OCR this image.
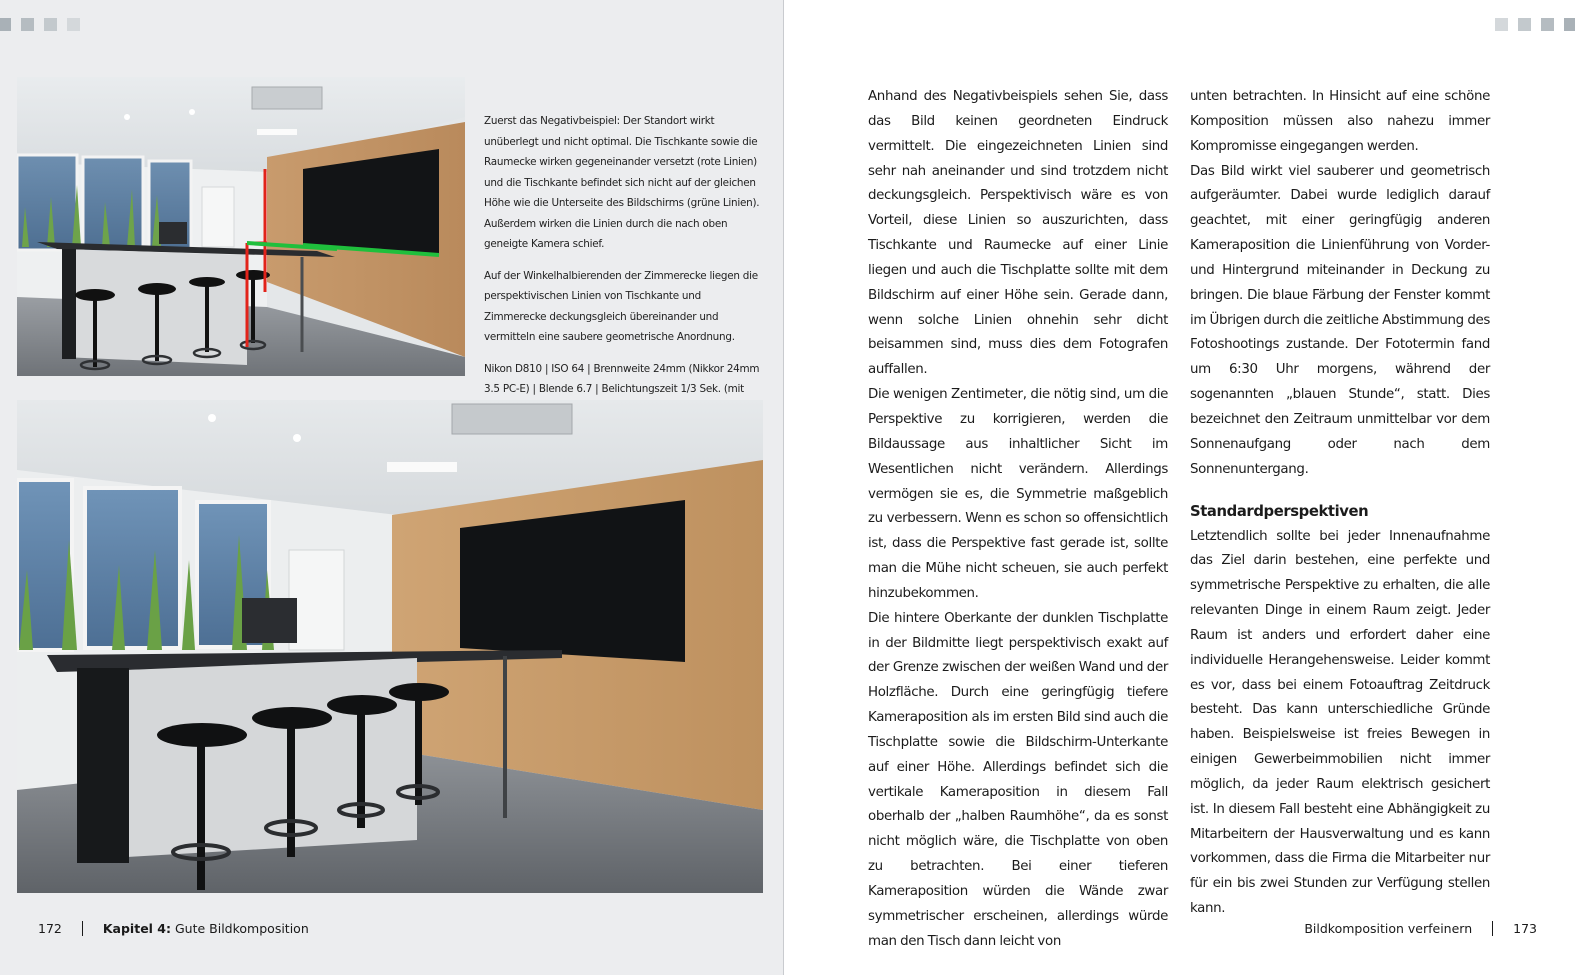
Zuerst das Negativbeispiel: Der Standort wirkt unüberlegt und nicht optimal. Die Tischkante sowie die Raumecke wirken gegeneinander versetzt (rote Linien) und die Tischkante befindet sich nicht auf der gleichen Höhe wie die Unterseite des Bildschirms (grüne Linien). Außerdem wirken die Linien durch die nach oben geneigte Kamera schief.

Auf der Winkelhalbierenden der Zimmerecke liegen die perspektivischen Linien von Tischkante und Zimmerecke deckungsgleich übereinander und vermitteln eine saubere geometrische Anordnung.

Nikon D810 | ISO 64 | Brennweite 24mm (Nikkor 24mm 3.5 PC-E) | Blende 6.7 | Belichtungszeit 1/3 Sek. (mit

172	Kapitel 4:
Gute Bildkomposition	Bildkomposition verfeinern	173

Anhand des Negativbeispiels sehen Sie, dass das Bild keinen geordneten Eindruck vermittelt. Die eingezeichneten Linien sind sehr nah aneinander und sind trotzdem nicht deckungsgleich. Perspektivisch wäre es von Vorteil, diese Linien so auszurichten, dass Tischkante und Raumecke auf einer Linie liegen und auch die Tischplatte sollte mit dem Bildschirm auf einer Höhe sein. Gerade dann, wenn solche Linien ohnehin sehr dicht beisammen sind, muss dies dem Fotografen auffallen.

Die wenigen Zentimeter, die nötig sind, um die Perspektive zu korrigieren, werden die Bildaussage aus inhaltlicher Sicht im Wesentlichen nicht verändern. Allerdings vermögen sie es, die Symmetrie maßgeblich zu verbessern. Wenn es schon so offensichtlich ist, dass die Perspektive fast gerade ist, sollte man die Mühe nicht scheuen, sie auch perfekt hinzubekommen.

Die hintere Oberkante der dunklen Tischplatte in der Bildmitte liegt perspektivisch exakt auf der Grenze zwischen der weißen Wand und der Holzfläche. Durch eine geringfügig tiefere Kameraposition als im ersten Bild sind auch die Tischplatte sowie die Bildschirm-Unterkante auf einer Höhe. Allerdings befindet sich die vertikale Kameraposition in diesem Fall oberhalb der „halben Raumhöhe“, da es sonst nicht möglich wäre, die Tischplatte von oben zu betrachten. Bei einer tieferen Kameraposition würden die Wände zwar symmetrischer erscheinen, allerdings würde man den Tisch dann leicht von

unten betrachten. In Hinsicht auf eine schöne Komposition müssen also nahezu immer Kompromisse eingegangen werden.

Das Bild wirkt viel sauberer und geometrisch aufgeräumter. Dabei wurde lediglich darauf geachtet, mit einer geringfügig anderen Kameraposition die Linienführung von Vorder- und Hintergrund miteinander in Deckung zu bringen. Die blaue Färbung der Fenster kommt im Übrigen durch die zeitliche Abstimmung des Fotoshootings zustande. Der Fototermin fand um 6:30 Uhr morgens, während der sogenannten „blauen Stunde“, statt. Dies bezeichnet den Zeitraum unmittelbar vor dem Sonnenaufgang oder nach dem Sonnenuntergang.

Standardperspektiven

Letztendlich sollte bei jeder Innenaufnahme das Ziel darin bestehen, eine perfekte und symmetrische Perspektive zu erhalten, die alle relevanten Dinge in einem Raum zeigt. Jeder Raum ist anders und erfordert daher eine individuelle Herangehensweise. Leider kommt es vor, dass bei einem Fotoauftrag Zeitdruck besteht. Das kann unterschiedliche Gründe haben. Beispielsweise ist freies Bewegen in einigen Gewerbeimmobilien nicht immer möglich, da jeder Raum elektrisch gesichert ist. In diesem Fall besteht eine Abhängigkeit zu Mitarbeitern der Hausverwaltung und es kann vorkommen, dass die Firma die Mitarbeiter nur für ein bis zwei Stunden zur Verfügung stellen kann.
